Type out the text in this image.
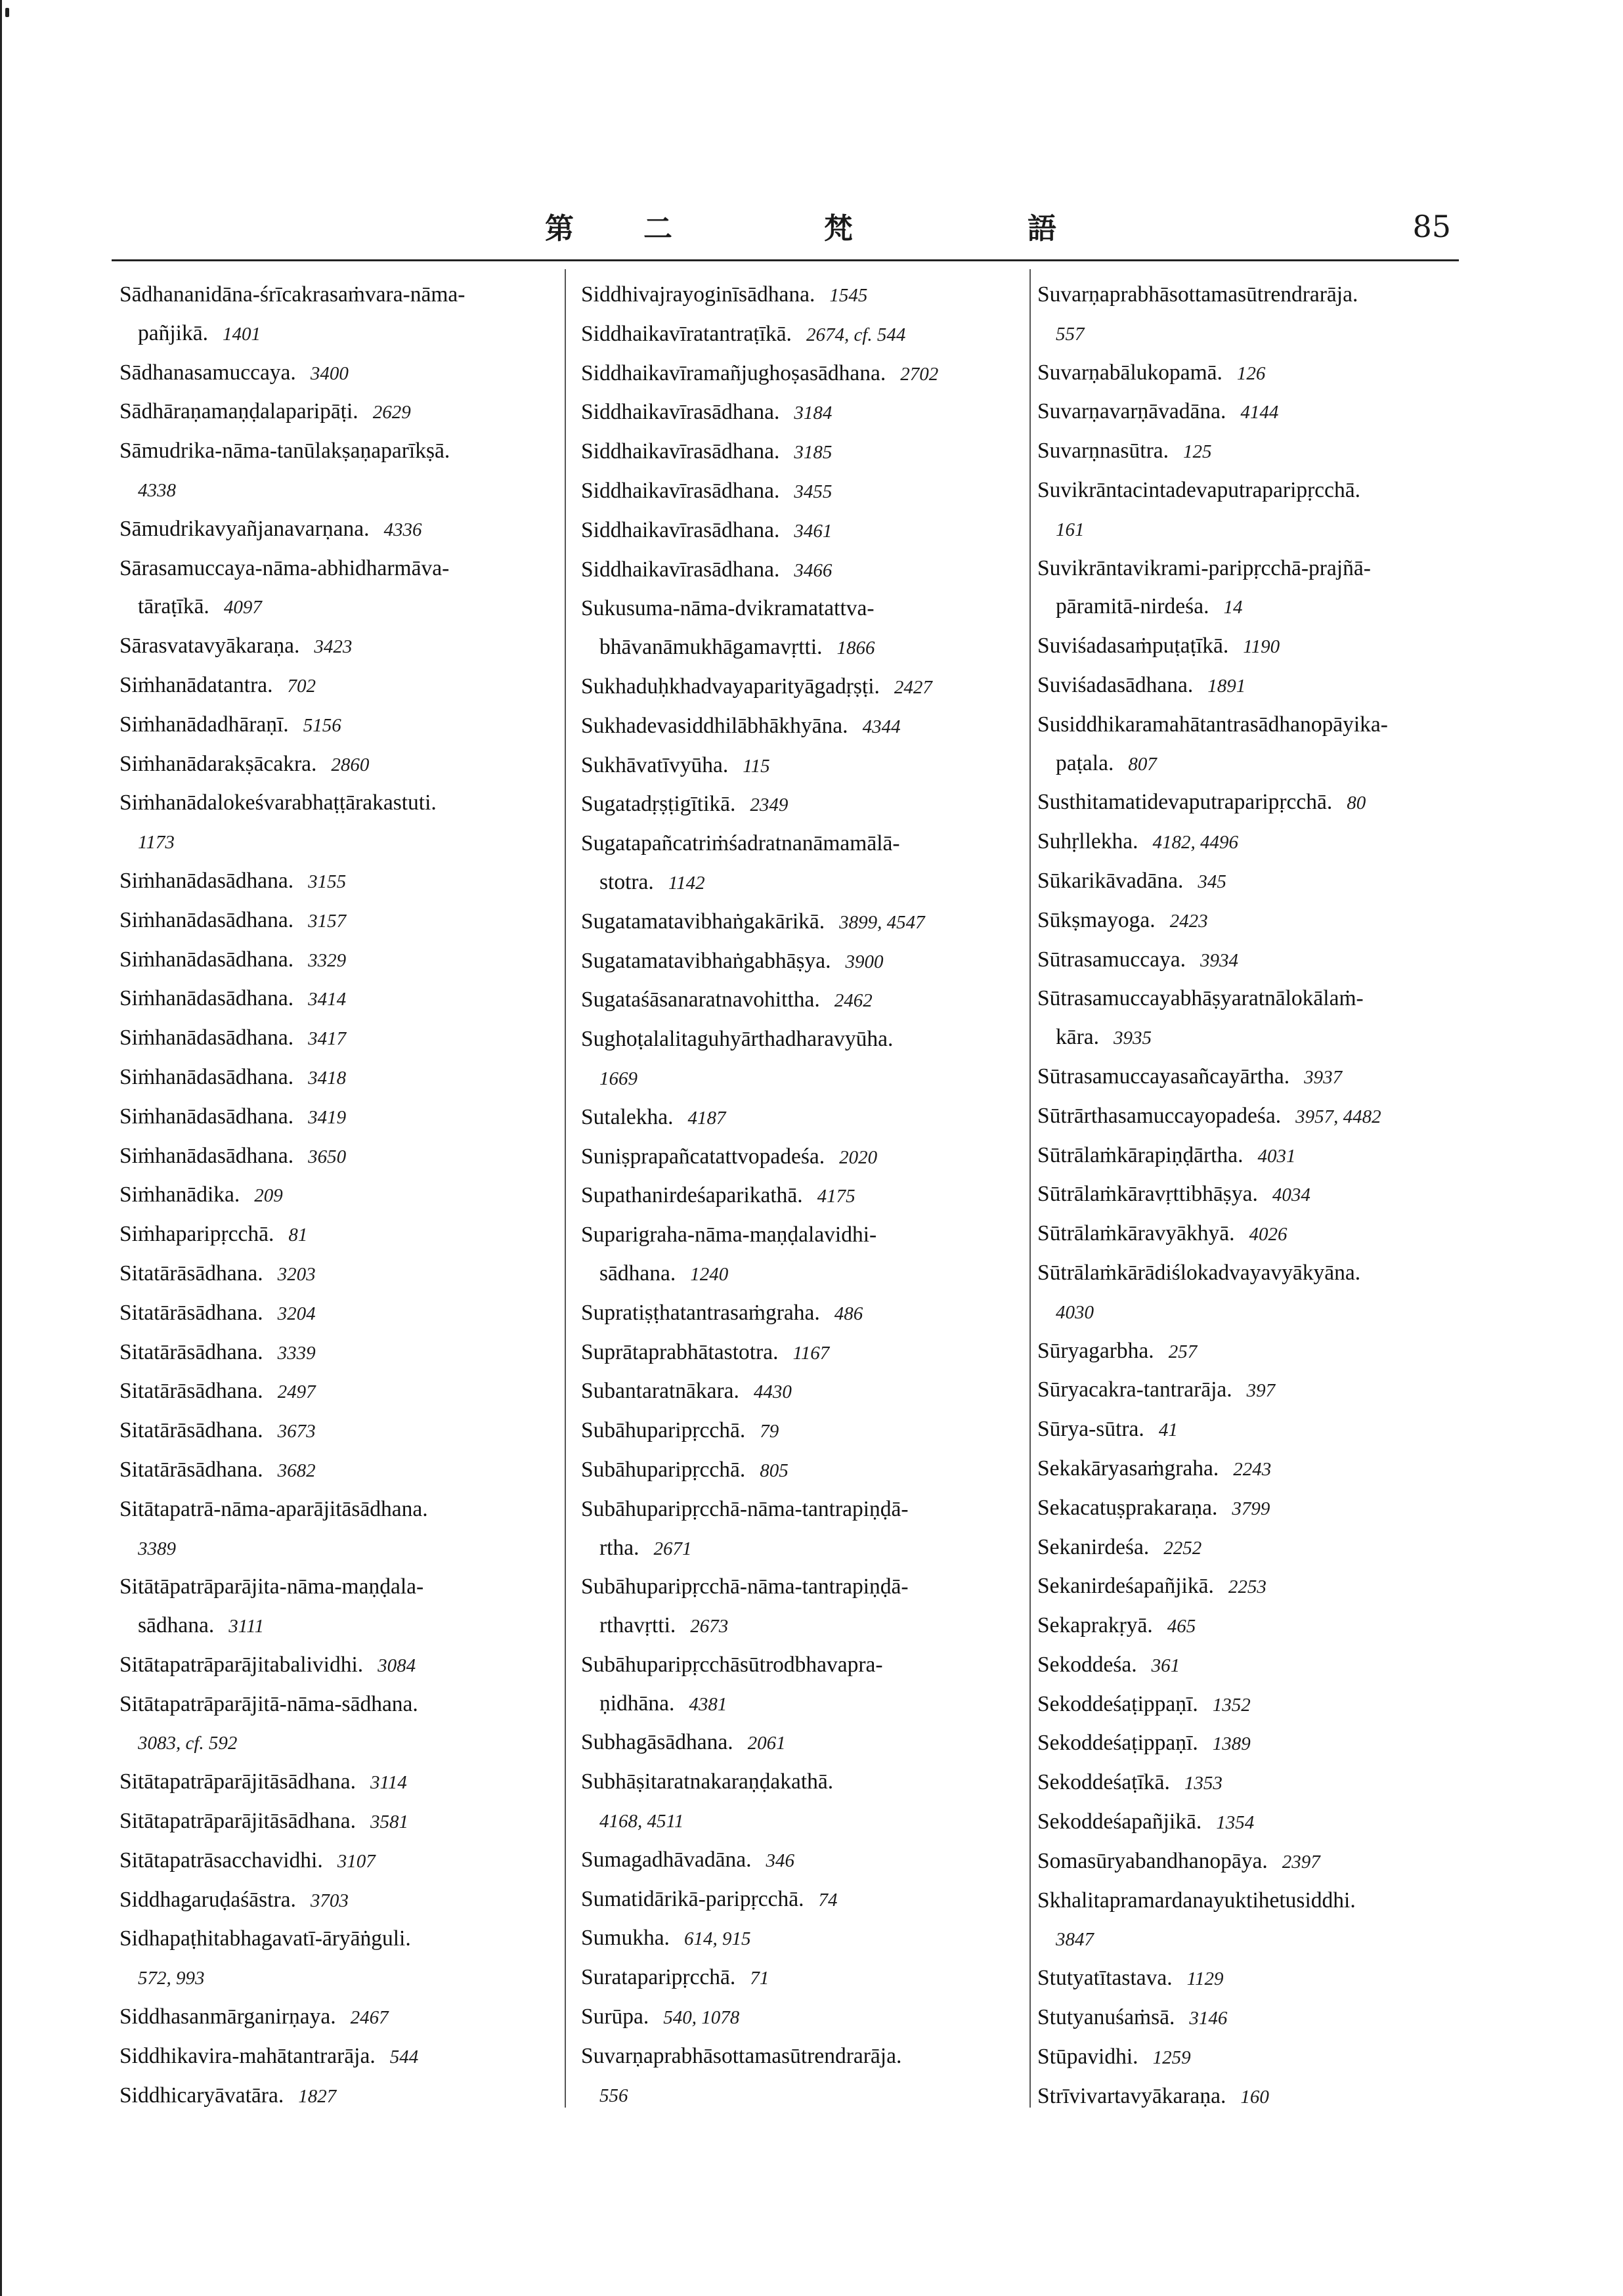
第 二	梵	語	85
Sādhananidāna-śrīcakrasaṁvara-nāma-
pañjikā. 1401
Sādhanasamuccaya. 3400
Sādhāraṇamaṇḍalaparipāṭi. 2629
Sāmudrika-nāma-tanūlakṣaṇaparīkṣā.
4338
Sāmudrikavyañjanavarṇana. 4336
Sārasamuccaya-nāma-abhidharmāva-
tāraṭīkā. 4097
Sārasvatavyākaraṇa. 3423
Siṁhanādatantra. 702
Siṁhanādadhāraṇī. 5156
Siṁhanādarakṣācakra. 2860
Siṁhanādalokeśvarabhaṭṭārakastuti.
1173
Siṁhanādasādhana. 3155
Siṁhanādasādhana. 3157
Siṁhanādasādhana. 3329
Siṁhanādasādhana. 3414
Siṁhanādasādhana. 3417
Siṁhanādasādhana. 3418
Siṁhanādasādhana. 3419
Siṁhanādasādhana. 3650
Siṁhanādika. 209
Siṁhaparipṛcchā. 81
Sitatārāsādhana. 3203
Sitatārāsādhana. 3204
Sitatārāsādhana. 3339
Sitatārāsādhana. 2497
Sitatārāsādhana. 3673
Sitatārāsādhana. 3682
Sitātapatrā-nāma-aparājitāsādhana.
3389
Sitātāpatrāparājita-nāma-maṇḍala-
sādhana. 3111
Sitātapatrāparājitabalividhi. 3084
Sitātapatrāparājitā-nāma-sādhana.
3083, cf. 592
Sitātapatrāparājitāsādhana. 3114
Sitātapatrāparājitāsādhana. 3581
Sitātapatrāsacchavidhi. 3107
Siddhagaruḍaśāstra. 3703
Sidhapaṭhitabhagavatī-āryāṅguli.
572, 993
Siddhasanmārganirṇaya. 2467
Siddhikavira-mahātantrarāja. 544
Siddhicaryāvatāra. 1827
Siddhivajrayoginīsādhana. 1545
Siddhaikavīratantraṭīkā. 2674, cf. 544
Siddhaikavīramañjughoṣasādhana. 2702
Siddhaikavīrasādhana. 3184
Siddhaikavīrasādhana. 3185
Siddhaikavīrasādhana. 3455
Siddhaikavīrasādhana. 3461
Siddhaikavīrasādhana. 3466
Sukusuma-nāma-dvikramatattva-
bhāvanāmukhāgamavṛtti. 1866
Sukhaduḥkhadvayaparityāgadṛṣṭi. 2427
Sukhadevasiddhilābhākhyāna. 4344
Sukhāvatīvyūha. 115
Sugatadṛṣṭigītikā. 2349
Sugatapañcatriṁśadratnanāmamālā-
stotra. 1142
Sugatamatavibhaṅgakārikā. 3899, 4547
Sugatamatavibhaṅgabhāṣya. 3900
Sugataśāsanaratnavohittha. 2462
Sughoṭalalitaguhyārthadharavyūha.
1669
Sutalekha. 4187
Suniṣprapañcatattvopadeśa. 2020
Supathanirdeśaparikathā. 4175
Suparigraha-nāma-maṇḍalavidhi-
sādhana. 1240
Supratiṣṭhatantrasaṁgraha. 486
Suprātaprabhātastotra. 1167
Subantaratnākara. 4430
Subāhuparipṛcchā. 79
Subāhuparipṛcchā. 805
Subāhuparipṛcchā-nāma-tantrapiṇḍā-
rtha. 2671
Subāhuparipṛcchā-nāma-tantrapiṇḍā-
rthavṛtti. 2673
Subāhuparipṛcchāsūtrodbhavapra-
ṇidhāna. 4381
Subhagāsādhana. 2061
Subhāṣitaratnakaraṇḍakathā.
4168, 4511
Sumagadhāvadāna. 346
Sumatidārikā-paripṛcchā. 74
Sumukha. 614, 915
Surataparipṛcchā. 71
Surūpa. 540, 1078
Suvarṇaprabhāsottamasūtrendrarāja.
556
Suvarṇaprabhāsottamasūtrendrarāja.
557
Suvarṇabālukopamā. 126
Suvarṇavarṇāvadāna. 4144
Suvarṇnasūtra. 125
Suvikrāntacintadevaputraparipṛcchā.
161
Suvikrāntavikrami-paripṛcchā-prajñā-
pāramitā-nirdeśa. 14
Suviśadasaṁpuṭaṭīkā. 1190
Suviśadasādhana. 1891
Susiddhikaramahātantrasādhanopāyika-
paṭala. 807
Susthitamatidevaputraparipṛcchā. 80
Suhṛllekha. 4182, 4496
Sūkarikāvadāna. 345
Sūkṣmayoga. 2423
Sūtrasamuccaya. 3934
Sūtrasamuccayabhāṣyaratnālokālaṁ-
kāra. 3935
Sūtrasamuccayasañcayārtha. 3937
Sūtrārthasamuccayopadeśa. 3957, 4482
Sūtrālaṁkārapiṇḍārtha. 4031
Sūtrālaṁkāravṛttibhāṣya. 4034
Sūtrālaṁkāravyākhyā. 4026
Sūtrālaṁkārādiślokadvayavyākyāna.
4030
Sūryagarbha. 257
Sūryacakra-tantrarāja. 397
Sūrya-sūtra. 41
Sekakāryasaṁgraha. 2243
Sekacatuṣprakaraṇa. 3799
Sekanirdeśa. 2252
Sekanirdeśapañjikā. 2253
Sekaprakṛyā. 465
Sekoddeśa. 361
Sekoddeśaṭippaṇī. 1352
Sekoddeśaṭippaṇī. 1389
Sekoddeśaṭīkā. 1353
Sekoddeśapañjikā. 1354
Somasūryabandhanopāya. 2397
Skhalitapramardanayuktihetusiddhi.
3847
Stutyatītastava. 1129
Stutyanuśaṁsā. 3146
Stūpavidhi. 1259
Strīvivartavyākaraṇa. 160
